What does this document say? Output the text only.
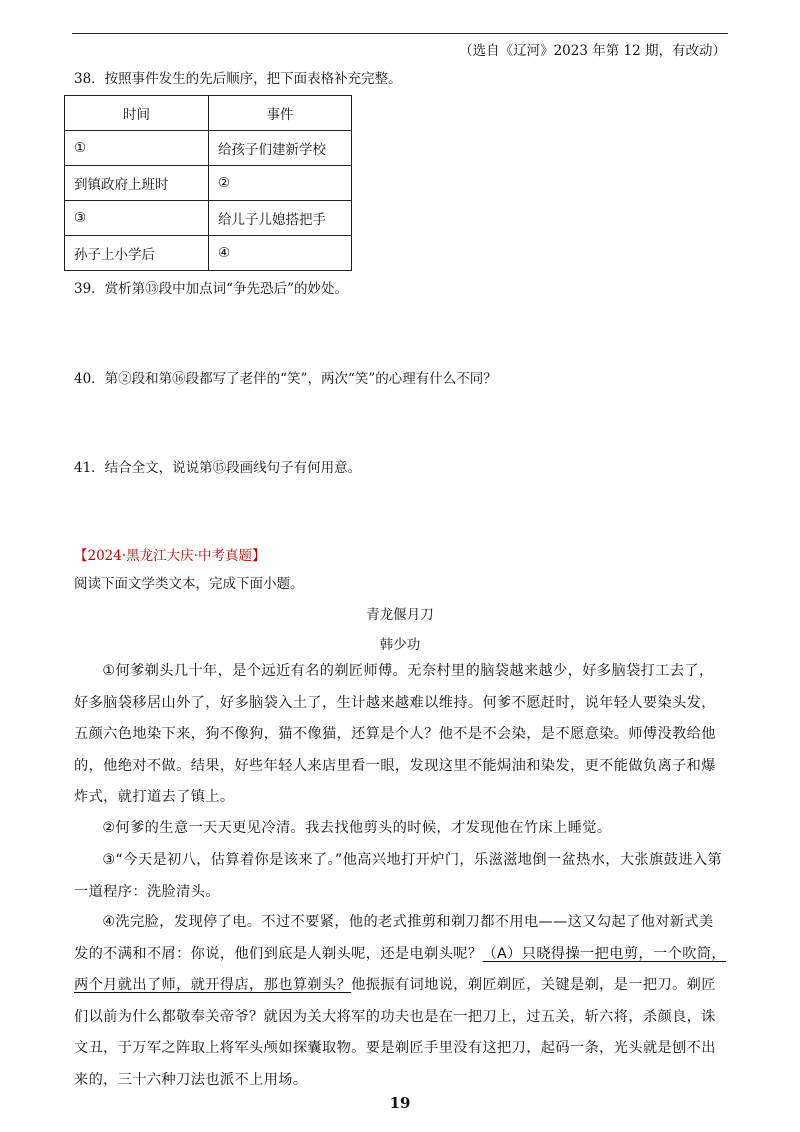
（选自《辽河》2023 年第 12 期，有改动）
38．按照事件发生的先后顺序，把下面表格补充完整。
时间	事件
①	给孩子们建新学校
到镇政府上班时	②
③	给儿子儿媳搭把手
孙子上小学后	④
39．赏析第⑬段中加点词“争先恐后”的妙处。
40．第②段和第⑯段都写了老伴的“笑”，两次“笑”的心理有什么不同？
41．结合全文，说说第⑮段画线句子有何用意。
【2024·黑龙江大庆·中考真题】
阅读下面文学类文本，完成下面小题。
青龙偃月刀
韩少功

①何爹剃头几十年，是个远近有名的剃匠师傅。无奈村里的脑袋越来越少，好多脑袋打工去了，好多脑袋移居山外了，好多脑袋入土了，生计越来越难以维持。何爹不愿赶时，说年轻人要染头发，五颜六色地染下来，狗不像狗，猫不像猫，还算是个人？他不是不会染，是不愿意染。师傅没教给他的，他绝对不做。结果，好些年轻人来店里看一眼，发现这里不能焗油和染发，更不能做负离子和爆炸式，就打道去了镇上。

②何爹的生意一天天更见冷清。我去找他剪头的时候，才发现他在竹床上睡觉。

③“今天是初八，估算着你是该来了。”他高兴地打开炉门，乐滋滋地倒一盆热水，大张旗鼓进入第一道程序：洗脸清头。

④洗完脸，发现停了电。不过不要紧，他的老式推剪和剃刀都不用电——这又勾起了他对新式美发的不满和不屑：你说，他们到底是人剃头呢，还是电剃头呢？（A）只晓得操一把电剪，一个吹筒，两个月就出了师，就开得店，那也算剃头？他振振有词地说，剃匠剃匠，关键是剃，是一把刀。剃匠们以前为什么都敬奉关帝爷？就因为关大将军的功夫也是在一把刀上，过五关，斩六将，杀颜良，诛文丑，于万军之阵取上将军头颅如探囊取物。要是剃匠手里没有这把刀，起码一条，光头就是刨不出来的，三十六种刀法也派不上用场。

19
